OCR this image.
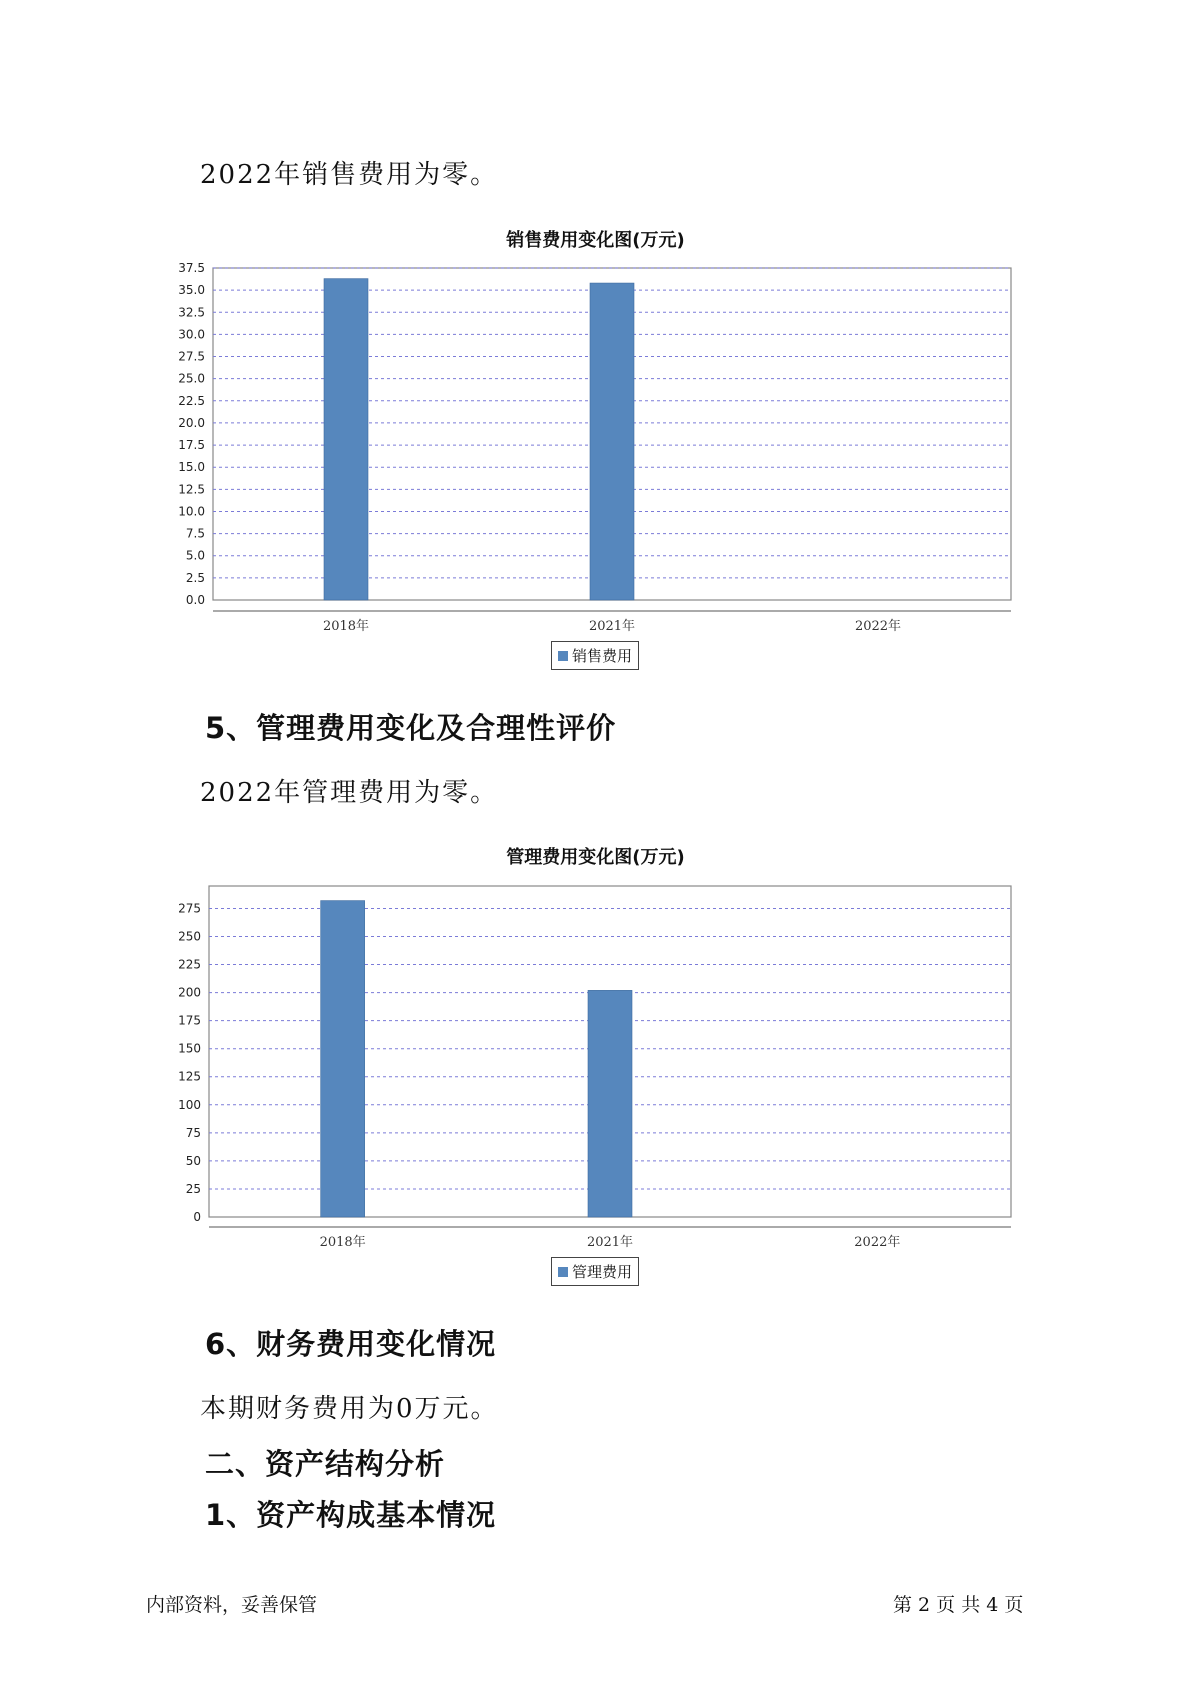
2022年销售费用为零。

销售费用变化图(万元)
0.0
2.5
5.0
7.5
10.0
12.5
15.0
17.5
20.0
22.5
25.0
27.5
30.0
32.5
35.0
37.5
2018年	2021年	2022年
销售费用
5、管理费用变化及合理性评价

2022年管理费用为零。

管理费用变化图(万元)
0
25
50
75
100
125
150
175
200
225
250
275
2018年	2021年	2022年
管理费用
6、财务费用变化情况

本期财务费用为0万元。

二、资产结构分析
1、资产构成基本情况
内部资料，妥善保管	第 2 页 共 4 页
